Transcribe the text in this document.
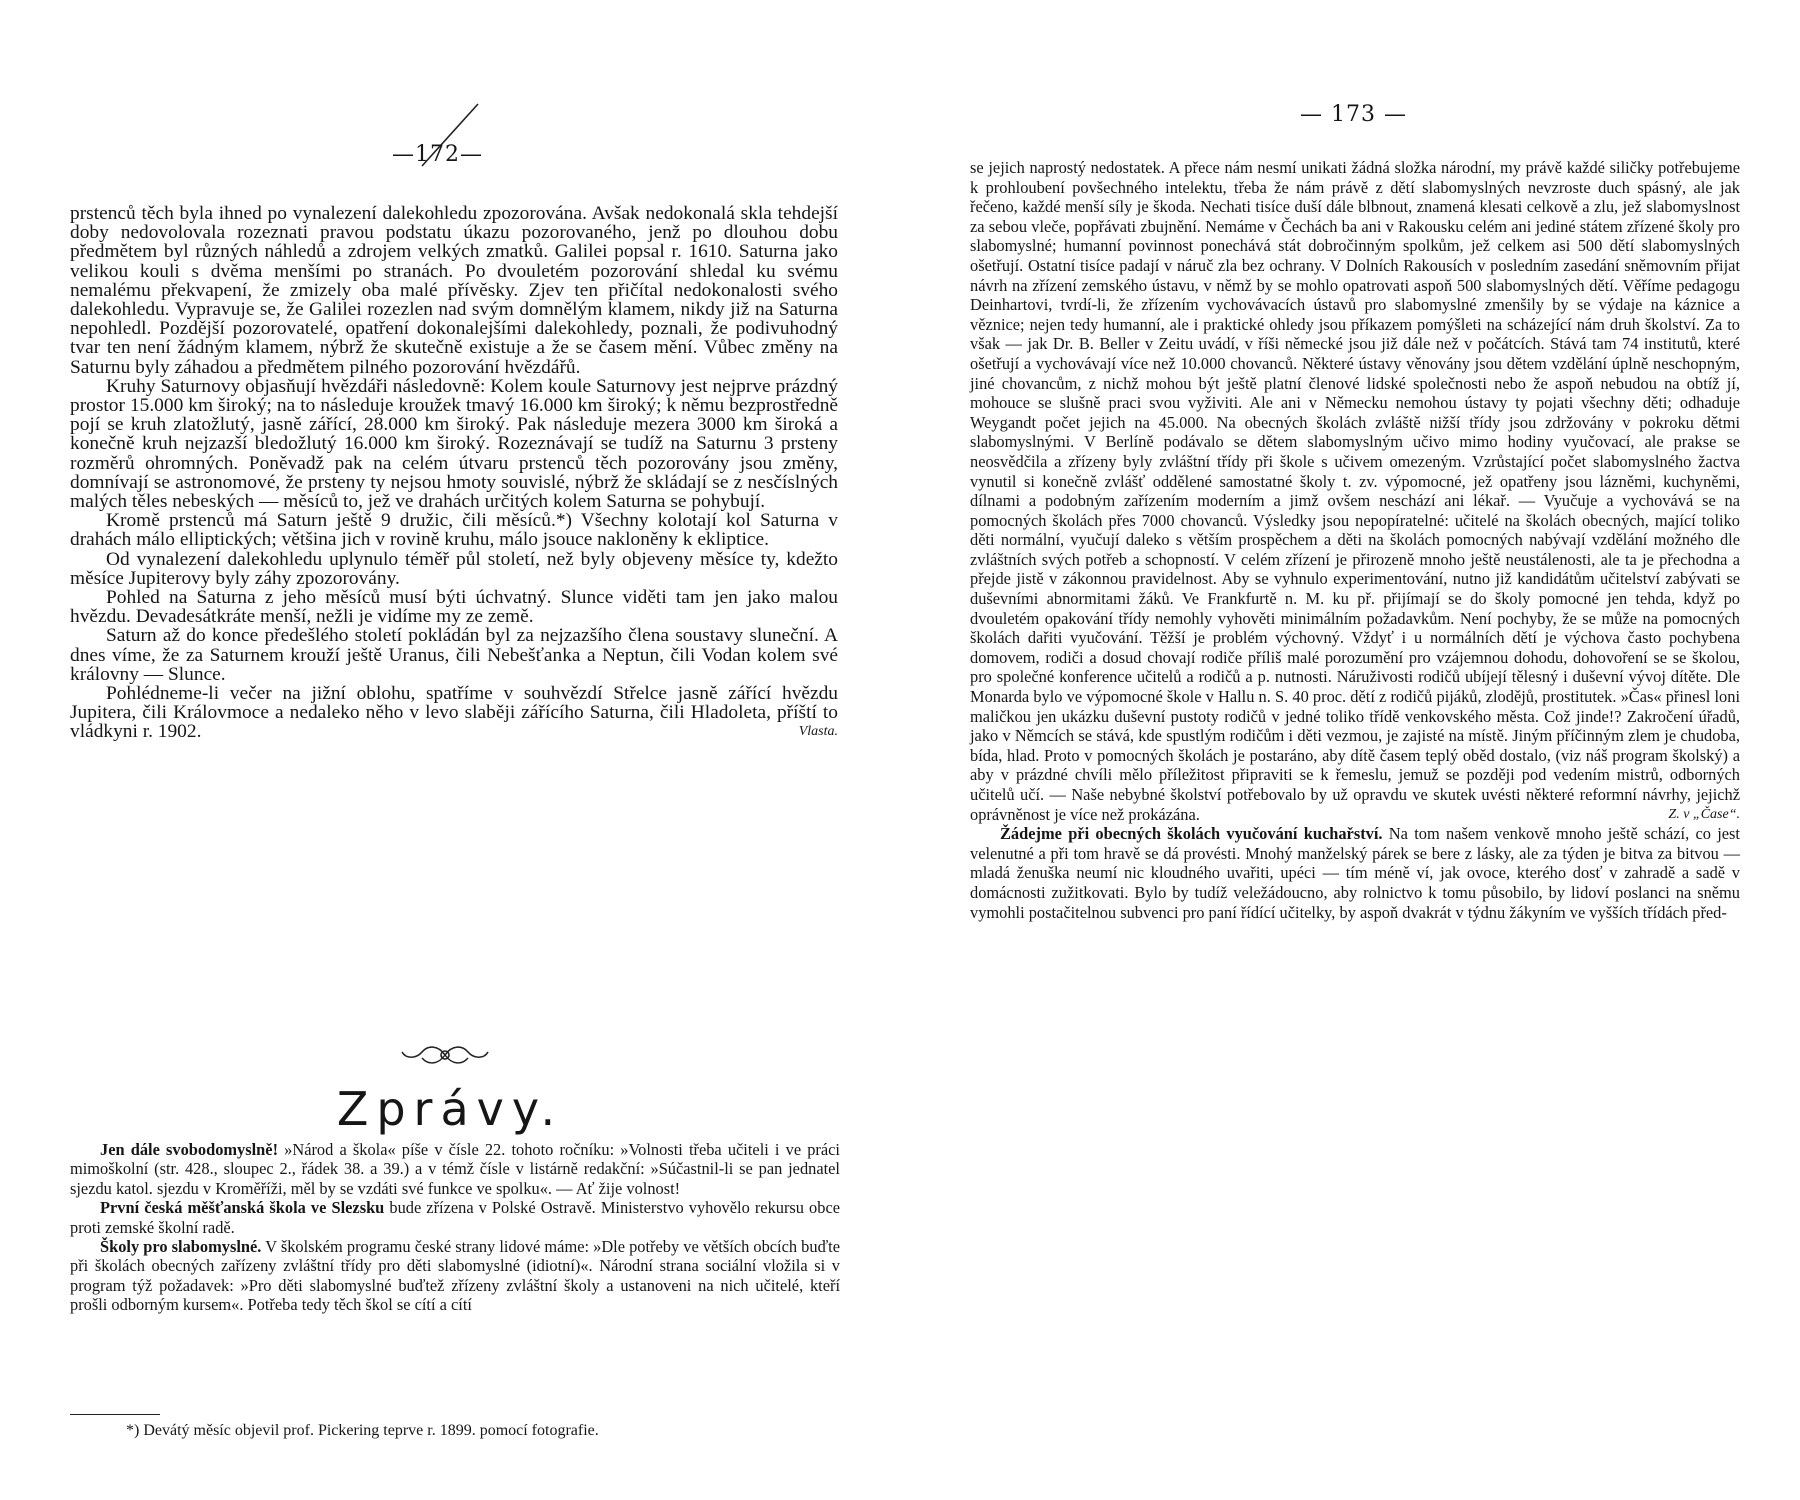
—172—

prstenců těch byla ihned po vynalezení dalekohledu zpozorována. Avšak nedokonalá skla tehdejší doby nedovolovala rozeznati pravou podstatu úkazu pozorovaného, jenž po dlouhou dobu předmětem byl různých náhledů a zdrojem velkých zmatků. Galilei popsal r. 1610. Saturna jako velikou kouli s dvěma menšími po stranách. Po dvouletém pozorování shledal ku svému nemalému překvapení, že zmizely oba malé přívěsky. Zjev ten přičítal nedokonalosti svého dalekohledu. Vypravuje se, že Galilei rozezlen nad svým domnělým klamem, nikdy již na Saturna nepohledl. Pozdější pozorovatelé, opatření dokonalejšími dalekohledy, poznali, že podivuhodný tvar ten není žádným klamem, nýbrž že skutečně existuje a že se časem mění. Vůbec změny na Saturnu byly záhadou a předmětem pilného pozorování hvězdářů.

Kruhy Saturnovy objasňují hvězdáři následovně: Kolem koule Saturnovy jest nejprve prázdný prostor 15.000 km široký; na to následuje kroužek tmavý 16.000 km široký; k němu bezprostředně pojí se kruh zlatožlutý, jasně zářící, 28.000 km široký. Pak následuje mezera 3000 km široká a konečně kruh nejzazší bledožlutý 16.000 km široký. Rozeznávají se tudíž na Saturnu 3 prsteny rozměrů ohromných. Poněvadž pak na celém útvaru prstenců těch pozorovány jsou změny, domnívají se astronomové, že prsteny ty nejsou hmoty souvislé, nýbrž že skládají se z nesčíslných malých těles nebeských — měsíců to, jež ve drahách určitých kolem Saturna se pohybují.

Kromě prstenců má Saturn ještě 9 družic, čili měsíců.*) Všechny kolotají kol Saturna v drahách málo elliptických; většina jich v rovině kruhu, málo jsouce nakloněny k ekliptice.

Od vynalezení dalekohledu uplynulo téměř půl století, než byly objeveny měsíce ty, kdežto měsíce Jupiterovy byly záhy zpozorovány.

Pohled na Saturna z jeho měsíců musí býti úchvatný. Slunce viděti tam jen jako malou hvězdu. Devadesátkráte menší, nežli je vidíme my ze země.

Saturn až do konce předešlého století pokládán byl za nejzazšího člena soustavy sluneční. A dnes víme, že za Saturnem krouží ještě Uranus, čili Nebešťanka a Neptun, čili Vodan kolem své královny — Slunce.

Pohlédneme-li večer na jižní oblohu, spatříme v souhvězdí Střelce jasně zářící hvězdu Jupitera, čili Královmoce a nedaleko něho v levo slaběji zářícího Saturna, čili Hladoleta, příští to vládkyni r. 1902.	Vlasta.

Zprávy.

Jen dále svobodomyslně! »Národ a škola« píše v čísle 22. tohoto ročníku: »Volnosti třeba učiteli i ve práci mimoškolní (str. 428., sloupec 2., řádek 38. a 39.) a v témž čísle v listárně redakční: »Súčastnil-li se pan jednatel sjezdu katol. sjezdu v Kroměříži, měl by se vzdáti své funkce ve spolku«. — Ať žije volnost!

První česká měšťanská škola ve Slezsku bude zřízena v Polské Ostravě. Ministerstvo vyhovělo rekursu obce proti zemské školní radě.

Školy pro slabomyslné. V školském programu české strany lidové máme: »Dle potřeby ve větších obcích buďte při školách obecných zařízeny zvláštní třídy pro děti slabomyslné (idiotní)«. Národní strana sociální vložila si v program týž požadavek: »Pro děti slabomyslné buďtež zřízeny zvláštní školy a ustanoveni na nich učitelé, kteří prošli odborným kursem«. Potřeba tedy těch škol se cítí a cítí

*) Devátý měsíc objevil prof. Pickering teprve r. 1899. pomocí fotografie.
— 173 —

se jejich naprostý nedostatek. A přece nám nesmí unikati žádná složka národní, my právě každé siličky potřebujeme k prohloubení povšechného intelektu, třeba že nám právě z dětí slabomyslných nevzroste duch spásný, ale jak řečeno, každé menší síly je škoda. Nechati tisíce duší dále blbnout, znamená klesati celkově a zlu, jež slabomyslnost za sebou vleče, popřávati zbujnění. Nemáme v Čechách ba ani v Rakousku celém ani jediné státem zřízené školy pro slabomyslné; humanní povinnost ponechává stát dobročinným spolkům, jež celkem asi 500 dětí slabomyslných ošetřují. Ostatní tisíce padají v náruč zla bez ochrany. V Dolních Rakousích v posledním zasedání sněmovním přijat návrh na zřízení zemského ústavu, v němž by se mohlo opatrovati aspoň 500 slabomyslných dětí. Věříme pedagogu Deinhartovi, tvrdí-li, že zřízením vychovávacích ústavů pro slabomyslné zmenšily by se výdaje na káznice a věznice; nejen tedy humanní, ale i praktické ohledy jsou příkazem pomýšleti na scházející nám druh školství. Za to však — jak Dr. B. Beller v Zeitu uvádí, v říši německé jsou již dále než v počátcích. Stává tam 74 institutů, které ošetřují a vychovávají více než 10.000 chovanců. Některé ústavy věnovány jsou dětem vzdělání úplně neschopným, jiné chovancům, z nichž mohou být ještě platní členové lidské společnosti nebo že aspoň nebudou na obtíž jí, mohouce se slušně praci svou vyživiti. Ale ani v Německu nemohou ústavy ty pojati všechny děti; odhaduje Weygandt počet jejich na 45.000. Na obecných školách zvláště nižší třídy jsou zdržovány v pokroku dětmi slabomyslnými. V Berlíně podávalo se dětem slabomyslným učivo mimo hodiny vyučovací, ale prakse se neosvědčila a zřízeny byly zvláštní třídy při škole s učivem omezeným. Vzrůstající počet slabomyslného žactva vynutil si konečně zvlášť oddělené samostatné školy t. zv. výpomocné, jež opatřeny jsou lázněmi, kuchyněmi, dílnami a podobným zařízením moderním a jimž ovšem neschází ani lékař. — Vyučuje a vychovává se na pomocných školách přes 7000 chovanců. Výsledky jsou nepopíratelné: učitelé na školách obecných, mající toliko děti normální, vyučují daleko s větším prospěchem a děti na školách pomocných nabývají vzdělání možného dle zvláštních svých potřeb a schopností. V celém zřízení je přirozeně mnoho ještě neustálenosti, ale ta je přechodna a přejde jistě v zákonnou pravidelnost. Aby se vyhnulo experimentování, nutno již kandidátům učitelství zabývati se duševními abnormitami žáků. Ve Frankfurtě n. M. ku př. přijímají se do školy pomocné jen tehda, když po dvouletém opakování třídy nemohly vyhověti minimálním požadavkům. Není pochyby, že se může na pomocných školách dařiti vyučování. Těžší je problém výchovný. Vždyť i u normálních dětí je výchova často pochybena domovem, rodiči a dosud chovají rodiče příliš malé porozumění pro vzájemnou dohodu, dohovoření se se školou, pro společné konference učitelů a rodičů a p. nutnosti. Náruživosti rodičů ubíjejí tělesný i duševní vývoj dítěte. Dle Monarda bylo ve výpomocné škole v Hallu n. S. 40 proc. dětí z rodičů pijáků, zlodějů, prostitutek. »Čas« přinesl loni maličkou jen ukázku duševní pustoty rodičů v jedné toliko třídě venkovského města. Což jinde!? Zakročení úřadů, jako v Němcích se stává, kde spustlým rodičům i děti vezmou, je zajisté na místě. Jiným příčinným zlem je chudoba, bída, hlad. Proto v pomocných školách je postaráno, aby dítě časem teplý oběd dostalo, (viz náš program školský) a aby v prázdné chvíli mělo příležitost připraviti se k řemeslu, jemuž se později pod vedením mistrů, odborných učitelů učí. — Naše nebybné školství potřebovalo by už opravdu ve skutek uvésti některé reformní návrhy, jejichž oprávněnost je více než prokázána.	Z. v „Čase“.

Žádejme při obecných školách vyučování kuchařství. Na tom našem venkově mnoho ještě schází, co jest velenutné a při tom hravě se dá provésti. Mnohý manželský párek se bere z lásky, ale za týden je bitva za bitvou — mladá ženuška neumí nic kloudného uvařiti, upéci — tím méně ví, jak ovoce, kterého dosť v zahradě a sadě v domácnosti zužitkovati. Bylo by tudíž veležádoucno, aby rolnictvo k tomu působilo, by lidoví poslanci na sněmu vymohli postačitelnou subvenci pro paní řídící učitelky, by aspoň dvakrát v týdnu žákyním ve vyšších třídách před-
